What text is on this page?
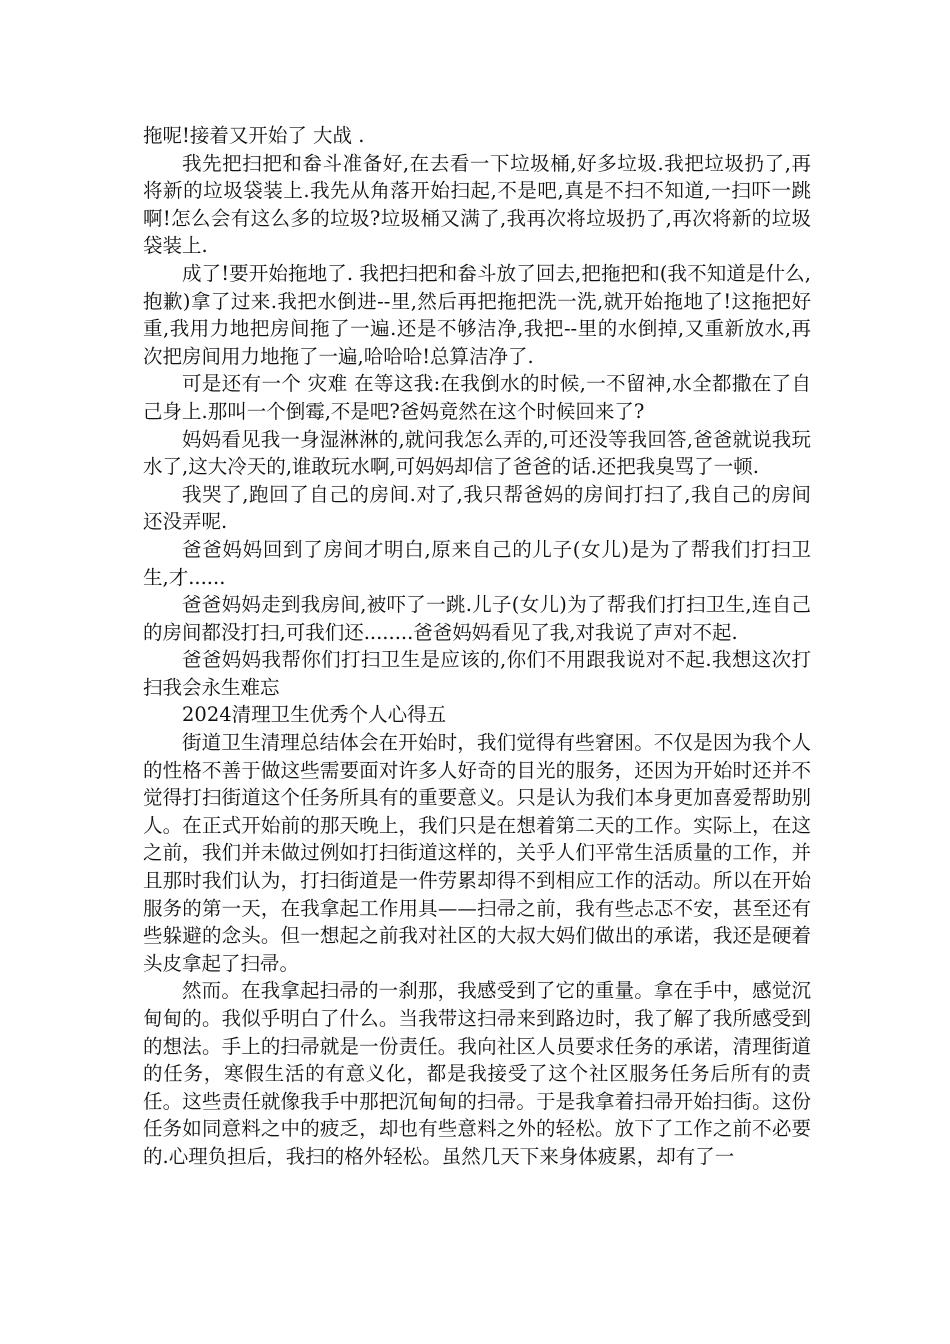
拖呢!接着又开始了 大战 .

我先把扫把和畚斗准备好,在去看一下垃圾桶,好多垃圾.我把垃圾扔了,再将新的垃圾袋装上.我先从角落开始扫起,不是吧,真是不扫不知道,一扫吓一跳啊!怎么会有这么多的垃圾?垃圾桶又满了,我再次将垃圾扔了,再次将新的垃圾袋装上.

成了!要开始拖地了. 我把扫把和畚斗放了回去,把拖把和(我不知道是什么,抱歉)拿了过来.我把水倒进--里,然后再把拖把洗一洗,就开始拖地了!这拖把好重,我用力地把房间拖了一遍.还是不够洁净,我把--里的水倒掉,又重新放水,再次把房间用力地拖了一遍,哈哈哈!总算洁净了.

可是还有一个 灾难 在等这我:在我倒水的时候,一不留神,水全都撒在了自己身上.那叫一个倒霉,不是吧?爸妈竟然在这个时候回来了?

妈妈看见我一身湿淋淋的,就问我怎么弄的,可还没等我回答,爸爸就说我玩水了,这大冷天的,谁敢玩水啊,可妈妈却信了爸爸的话.还把我臭骂了一顿.

我哭了,跑回了自己的房间.对了,我只帮爸妈的房间打扫了,我自己的房间还没弄呢.

爸爸妈妈回到了房间才明白,原来自己的儿子(女儿)是为了帮我们打扫卫生,才......

爸爸妈妈走到我房间,被吓了一跳.儿子(女儿)为了帮我们打扫卫生,连自己的房间都没打扫,可我们还........爸爸妈妈看见了我,对我说了声对不起.

爸爸妈妈我帮你们打扫卫生是应该的,你们不用跟我说对不起.我想这次打扫我会永生难忘

2024清理卫生优秀个人心得五

街道卫生清理总结体会在开始时，我们觉得有些窘困。不仅是因为我个人的性格不善于做这些需要面对许多人好奇的目光的服务，还因为开始时还并不觉得打扫街道这个任务所具有的重要意义。只是认为我们本身更加喜爱帮助别人。在正式开始前的那天晚上，我们只是在想着第二天的工作。实际上，在这之前，我们并未做过例如打扫街道这样的，关乎人们平常生活质量的工作，并且那时我们认为，打扫街道是一件劳累却得不到相应工作的活动。所以在开始服务的第一天，在我拿起工作用具——扫帚之前，我有些忐忑不安，甚至还有些躲避的念头。但一想起之前我对社区的大叔大妈们做出的承诺，我还是硬着头皮拿起了扫帚。

然而。在我拿起扫帚的一刹那，我感受到了它的重量。拿在手中，感觉沉甸甸的。我似乎明白了什么。当我带这扫帚来到路边时，我了解了我所感受到的想法。手上的扫帚就是一份责任。我向社区人员要求任务的承诺，清理街道的任务，寒假生活的有意义化，都是我接受了这个社区服务任务后所有的责任。这些责任就像我手中那把沉甸甸的扫帚。于是我拿着扫帚开始扫街。这份任务如同意料之中的疲乏，却也有些意料之外的轻松。放下了工作之前不必要的.心理负担后，我扫的格外轻松。虽然几天下来身体疲累，却有了一
